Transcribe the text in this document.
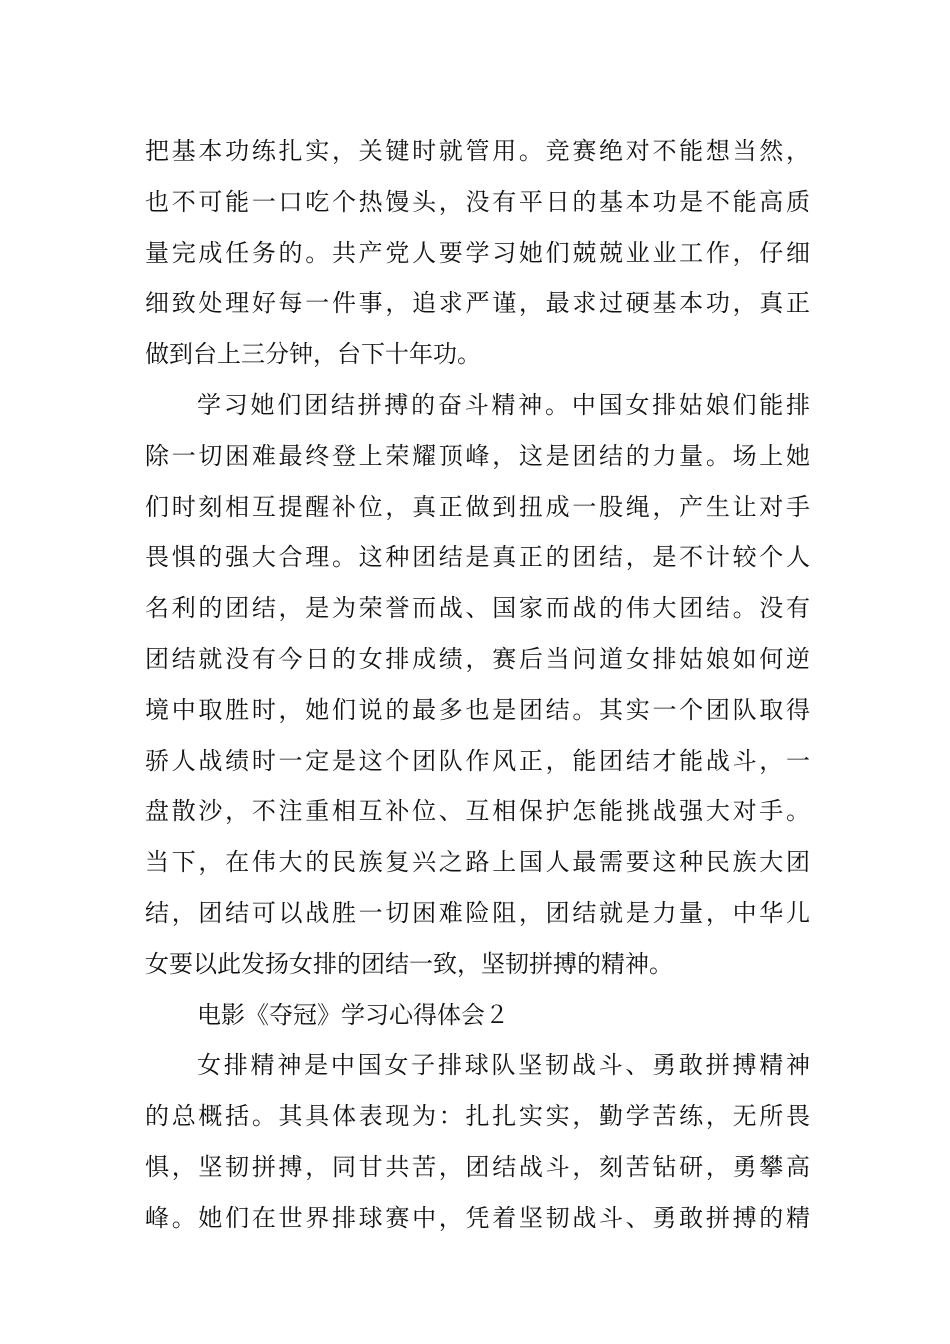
把基本功练扎实，关键时就管用。竞赛绝对不能想当然，
也不可能一口吃个热馒头，没有平日的基本功是不能高质
量完成任务的。共产党人要学习她们兢兢业业工作，仔细
细致处理好每一件事，追求严谨，最求过硬基本功，真正
做到台上三分钟，台下十年功。
学习她们团结拼搏的奋斗精神。中国女排姑娘们能排
除一切困难最终登上荣耀顶峰，这是团结的力量。场上她
们时刻相互提醒补位，真正做到扭成一股绳，产生让对手
畏惧的强大合理。这种团结是真正的团结，是不计较个人
名利的团结，是为荣誉而战、国家而战的伟大团结。没有
团结就没有今日的女排成绩，赛后当问道女排姑娘如何逆
境中取胜时，她们说的最多也是团结。其实一个团队取得
骄人战绩时一定是这个团队作风正，能团结才能战斗，一
盘散沙，不注重相互补位、互相保护怎能挑战强大对手。
当下，在伟大的民族复兴之路上国人最需要这种民族大团
结，团结可以战胜一切困难险阻，团结就是力量，中华儿
女要以此发扬女排的团结一致，坚韧拼搏的精神。
电影《夺冠》学习心得体会２
女排精神是中国女子排球队坚韧战斗、勇敢拼搏精神
的总概括。其具体表现为：扎扎实实，勤学苦练，无所畏
惧，坚韧拼搏，同甘共苦，团结战斗，刻苦钻研，勇攀高
峰。她们在世界排球赛中，凭着坚韧战斗、勇敢拼搏的精
